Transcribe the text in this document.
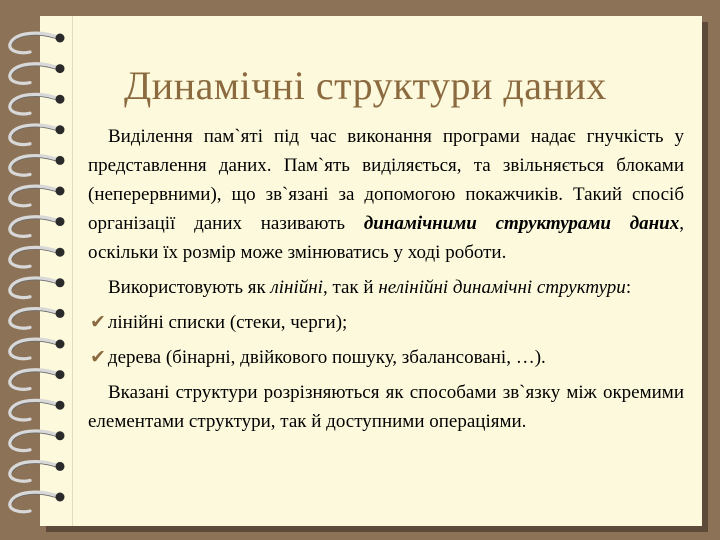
Динамічні структури даних

Виділення пам`яті під час виконання програми надає гнучкість у представлення даних. Пам`ять виділяється, та звільняється блоками (неперервними), що зв`язані за допомогою покажчиків. Такий спосіб організації даних називають динамічними структурами даних, оскільки їх розмір може змінюватись у ході роботи.

Використовують як лінійні, так й нелінійні динамічні структури:

✔ лінійні списки (стеки, черги);

✔ дерева (бінарні, двійкового пошуку, збалансовані, …).

Вказані структури розрізняються як способами зв`язку між окремими елементами структури, так й доступними операціями.
